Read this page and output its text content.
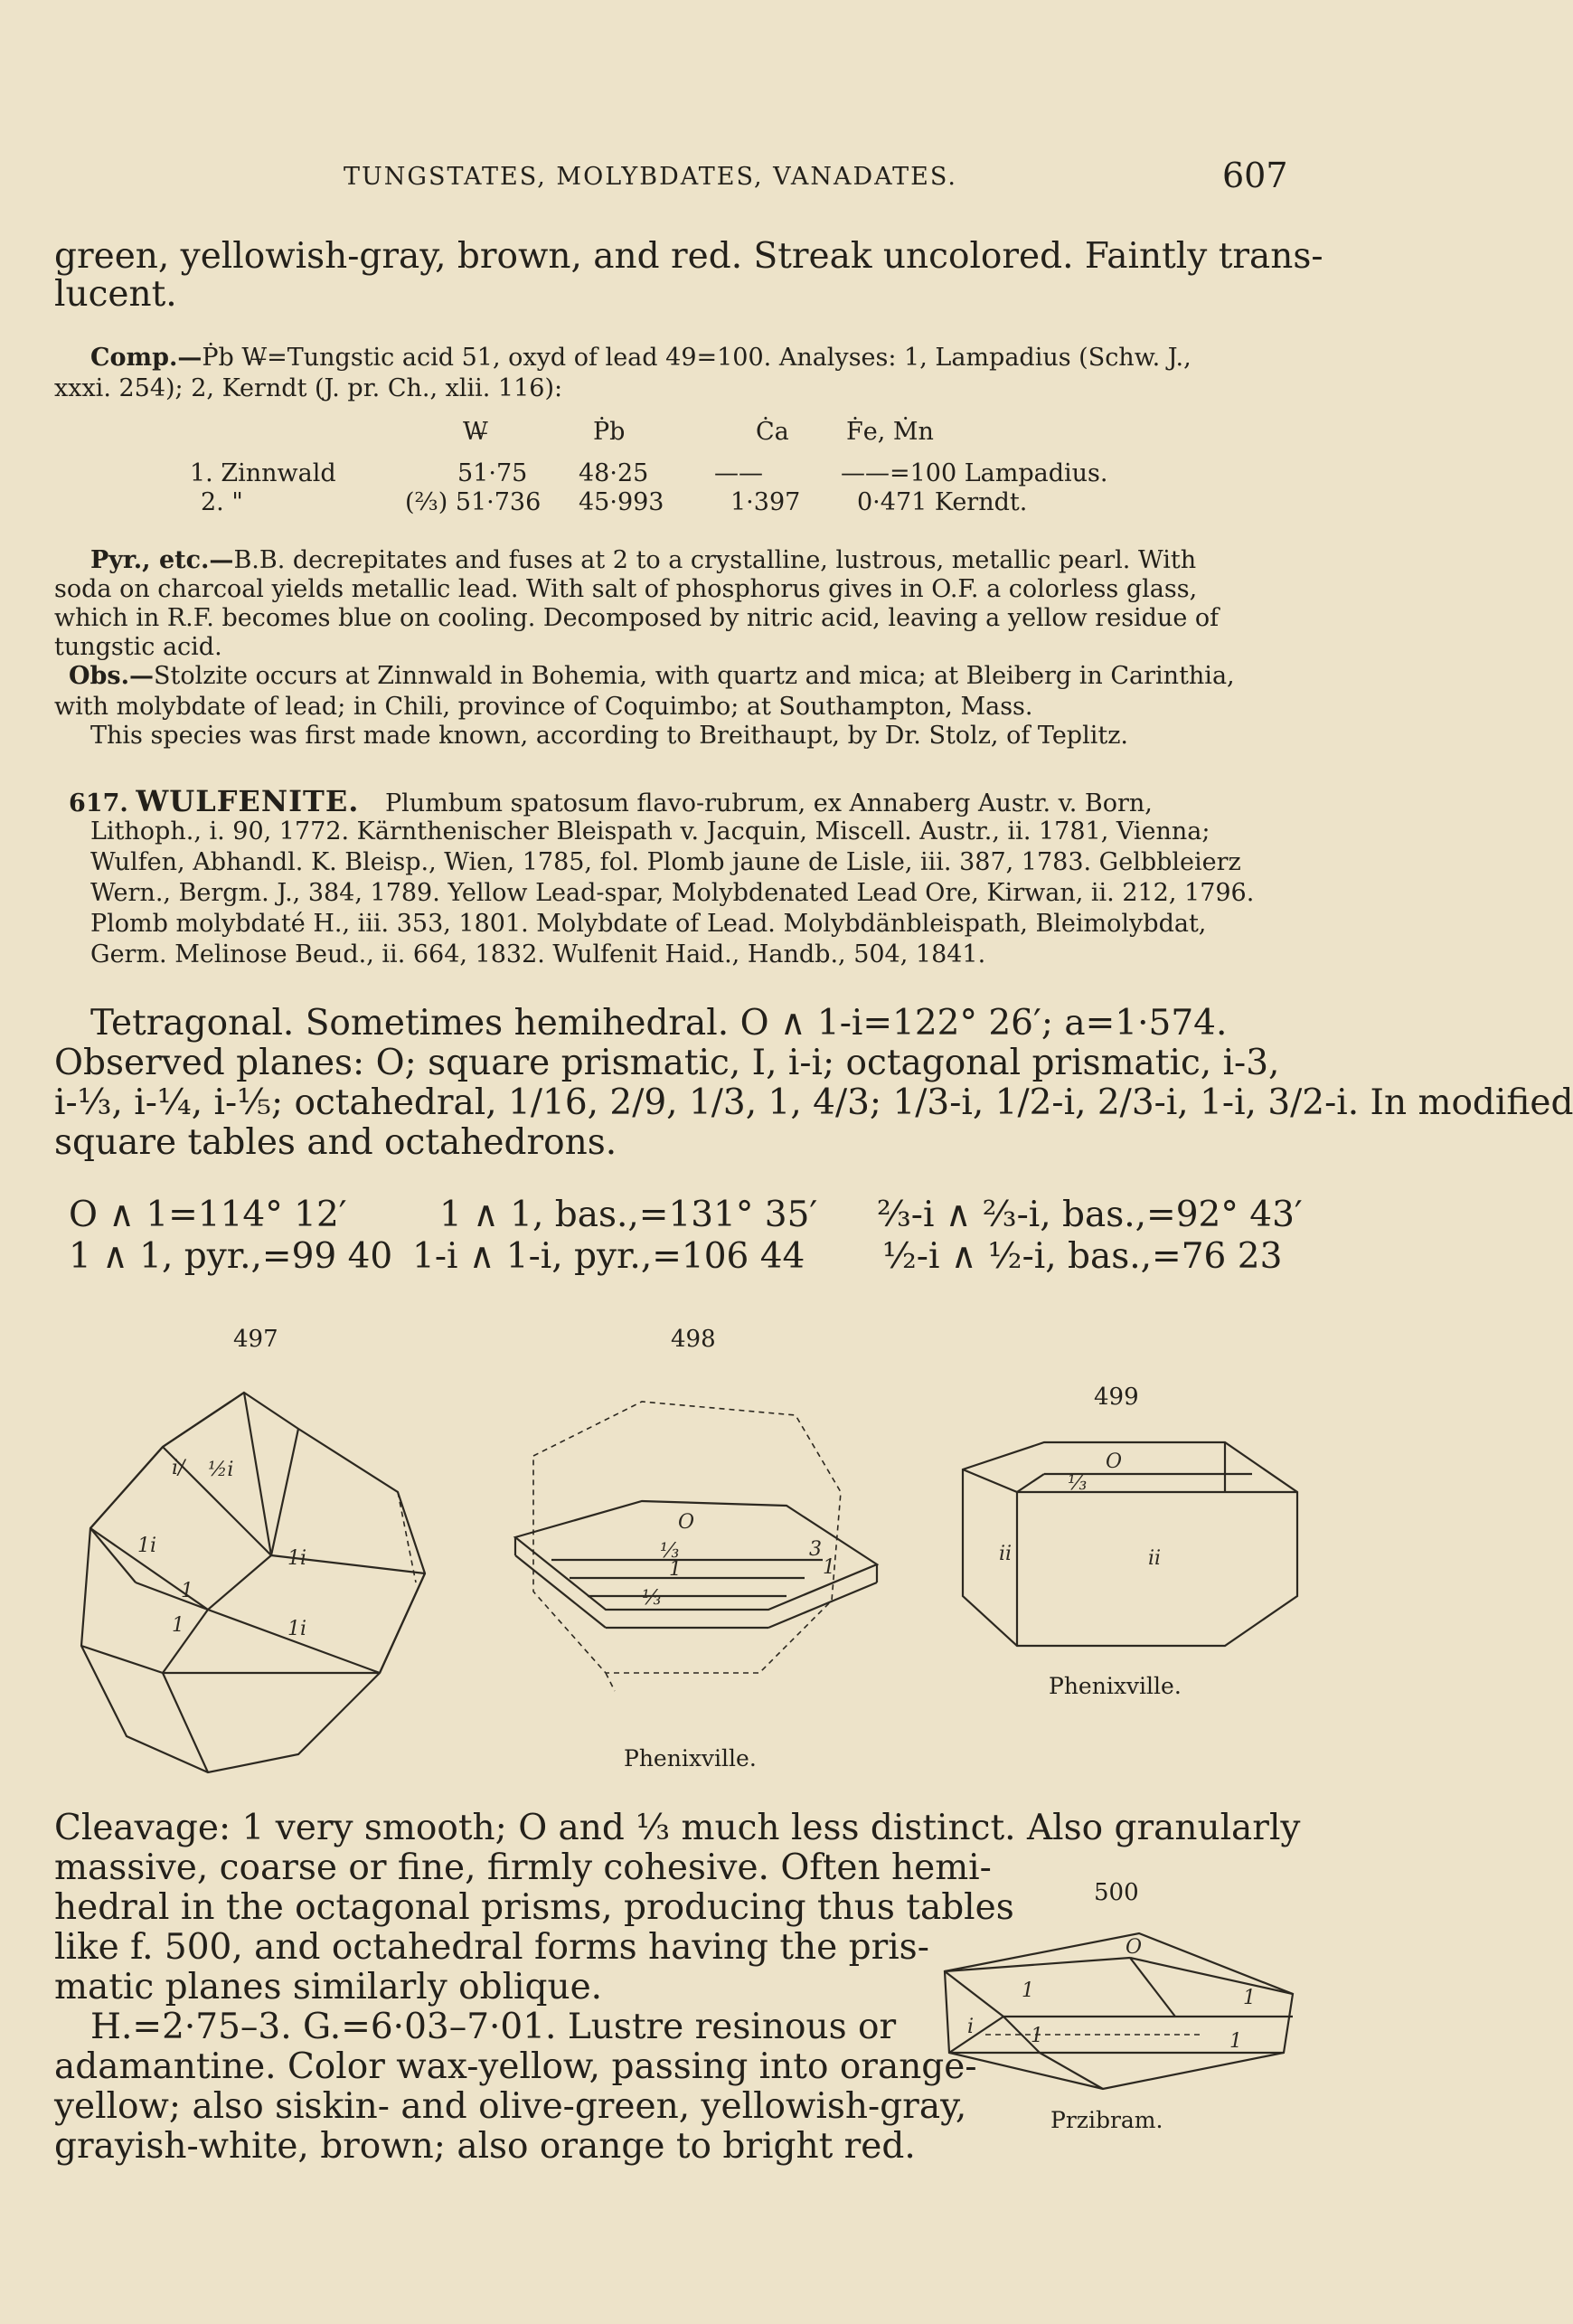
TUNGSTATES, MOLYBDATES, VANADATES.	607
green, yellowish-gray, brown, and red. Streak uncolored. Faintly trans-
lucent.
Comp.—Ṗb W̶=Tungstic acid 51, oxyd of lead 49=100. Analyses: 1, Lampadius (Schw. J.,
xxxi. 254); 2, Kerndt (J. pr. Ch., xlii. 116):
W̶	Ṗb	Ċa Ḟe, Ṁn
1. Zinnwald	51·75 48·25	——	——=100 Lampadius.
2. "	(⅔) 51·736 45·993	1·397 0·471 Kerndt.
Pyr., etc.—B.B. decrepitates and fuses at 2 to a crystalline, lustrous, metallic pearl. With
soda on charcoal yields metallic lead. With salt of phosphorus gives in O.F. a colorless glass,
which in R.F. becomes blue on cooling. Decomposed by nitric acid, leaving a yellow residue of
tungstic acid.
Obs.—Stolzite occurs at Zinnwald in Bohemia, with quartz and mica; at Bleiberg in Carinthia,
with molybdate of lead; in Chili, province of Coquimbo; at Southampton, Mass.
This species was first made known, according to Breithaupt, by Dr. Stolz, of Teplitz.
617. WULFENITE. Plumbum spatosum flavo-rubrum, ex Annaberg Austr. v. Born,
Lithoph., i. 90, 1772. Kärnthenischer Bleispath v. Jacquin, Miscell. Austr., ii. 1781, Vienna;
Wulfen, Abhandl. K. Bleisp., Wien, 1785, fol. Plomb jaune de Lisle, iii. 387, 1783. Gelbbleierz
Wern., Bergm. J., 384, 1789. Yellow Lead-spar, Molybdenated Lead Ore, Kirwan, ii. 212, 1796.
Plomb molybdaté H., iii. 353, 1801. Molybdate of Lead. Molybdänbleispath, Bleimolybdat,
Germ. Melinose Beud., ii. 664, 1832. Wulfenit Haid., Handb., 504, 1841.
Tetragonal. Sometimes hemihedral. O ∧ 1-i=122° 26′; a=1·574.
Observed planes: O; square prismatic, I, i-i; octagonal prismatic, i-3,
i-⅓, i-¼, i-⅕; octahedral, 1/16, 2/9, 1/3, 1, 4/3; 1/3-i, 1/2-i, 2/3-i, 1-i, 3/2-i. In modified
square tables and octahedrons.
O ∧ 1=114° 12′	1 ∧ 1, bas.,=131° 35′ ⅔-i ∧ ⅔-i, bas.,=92° 43′
1 ∧ 1, pyr.,=99 40 1-i ∧ 1-i, pyr.,=106 44 ½-i ∧ ½-i, bas.,=76 23
497	498
499
i/ ½i
1i
1i
1
1	1i
O
⅓
1
⅓
3
1
Phenixville.
O
⅓
ii	ii
Phenixville.
Cleavage: 1 very smooth; O and ⅓ much less distinct. Also granularly
massive, coarse or fine, firmly cohesive. Often hemi-
hedral in the octagonal prisms, producing thus tables
like f. 500, and octahedral forms having the pris-
matic planes similarly oblique.
H.=2·75–3. G.=6·03–7·01. Lustre resinous or
adamantine. Color wax-yellow, passing into orange-
yellow; also siskin- and olive-green, yellowish-gray,
grayish-white, brown; also orange to bright red.
500
O
1	1
i	1	1
Przibram.
